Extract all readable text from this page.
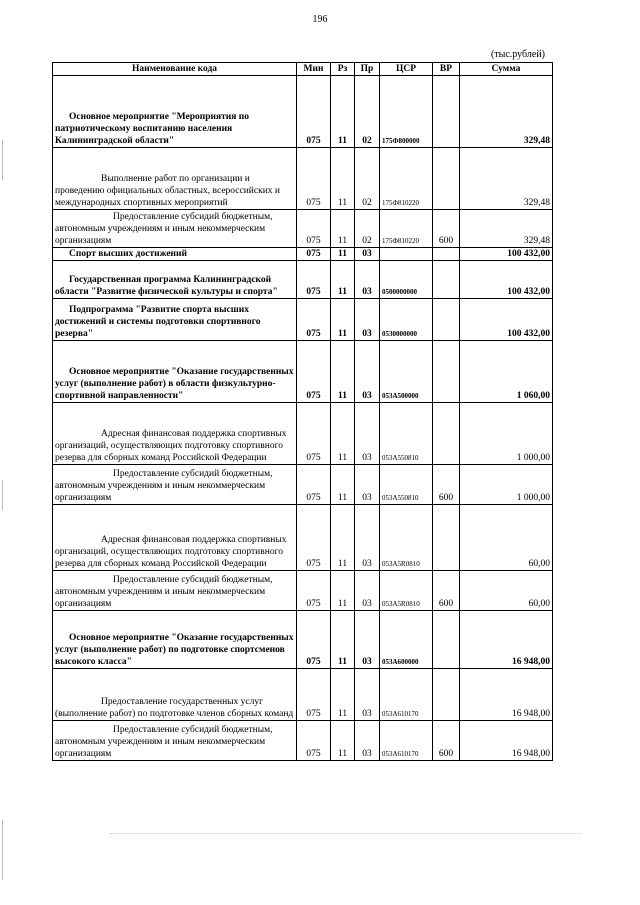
196
(тыс.рублей)
Наименование кода	Мин	Рз	Пр	ЦСР	ВР	Сумма
Основное мероприятие "Мероприятия по патриотическому воспитанию населения Калининградской области"	075	11	02	175Ф800000		329,48
Выполнение работ по организации и проведению официальных областных, всероссийских и международных спортивных мероприятий	075	11	02	175Ф810220		329,48
Предоставление субсидий бюджетным, автономным учреждениям и иным некоммерческим организациям	075	11	02	175Ф810220	600	329,48
Спорт высших достижений	075	11	03			100 432,00
Государственная программа Калининградской области "Развитие физической культуры и спорта"	075	11	03	0500000000		100 432,00
Подпрограмма "Развитие спорта высших достижений и системы подготовки спортивного резерва"	075	11	03	0530000000		100 432,00
Основное мероприятие "Оказание государственных услуг (выполнение работ) в области физкультурно-спортивной направленности"	075	11	03	053А500000		1 060,00
Адресная финансовая поддержка спортивных организаций, осуществляющих подготовку спортивного резерва для сборных команд Российской Федерации	075	11	03	053А550810		1 000,00
Предоставление субсидий бюджетным, автономным учреждениям и иным некоммерческим организациям	075	11	03	053А550810	600	1 000,00
Адресная финансовая поддержка спортивных организаций, осуществляющих подготовку спортивного резерва для сборных команд Российской Федерации	075	11	03	053А5R0810		60,00
Предоставление субсидий бюджетным, автономным учреждениям и иным некоммерческим организациям	075	11	03	053А5R0810	600	60,00
Основное мероприятие "Оказание государственных услуг (выполнение работ) по подготовке спортсменов высокого класса"	075	11	03	053А600000		16 948,00
Предоставление государственных услуг (выполнение работ) по подготовке членов сборных команд	075	11	03	053А610170		16 948,00
Предоставление субсидий бюджетным, автономным учреждениям и иным некоммерческим организациям	075	11	03	053А610170	600	16 948,00
